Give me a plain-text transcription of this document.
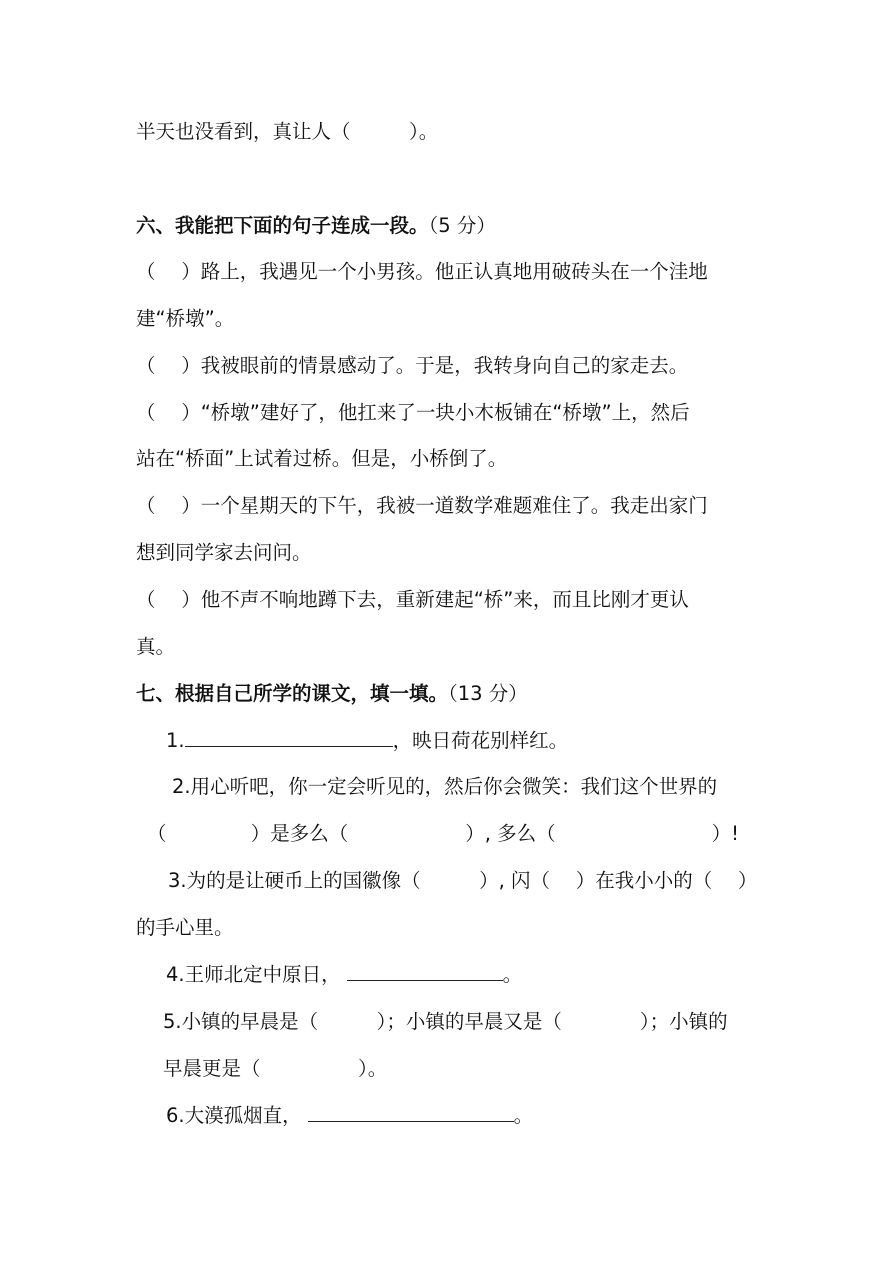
半天也没看到，真让人（　　　）。
六、我能把下面的句子连成一段。（5 分）
（　 ）路上，我遇见一个小男孩。他正认真地用破砖头在一个洼地
建“桥墩”。
（　 ）我被眼前的情景感动了。于是，我转身向自己的家走去。
（　 ）“桥墩”建好了，他扛来了一块小木板铺在“桥墩”上，然后
站在“桥面”上试着过桥。但是，小桥倒了。
（　 ）一个星期天的下午，我被一道数学难题难住了。我走出家门
想到同学家去问问。
（　 ）他不声不响地蹲下去，重新建起“桥”来，而且比刚才更认
真。
七、根据自己所学的课文，填一填。（13 分）
1.	，映日荷花别样红。
2.用心听吧，你一定会听见的，然后你会微笑：我们这个世界的
（　　　　 ）是多么（　　　　　　）, 多么（　　　　　　　　）!
3.为的是让硬币上的国徽像（　　　）, 闪（　 ）在我小小的（　 ）
的手心里。
4.王师北定中原日，	。
5.小镇的早晨是（　　　）；小镇的早晨又是（　　　　）；小镇的
早晨更是（　　　　　）。
6.大漠孤烟直，	。
